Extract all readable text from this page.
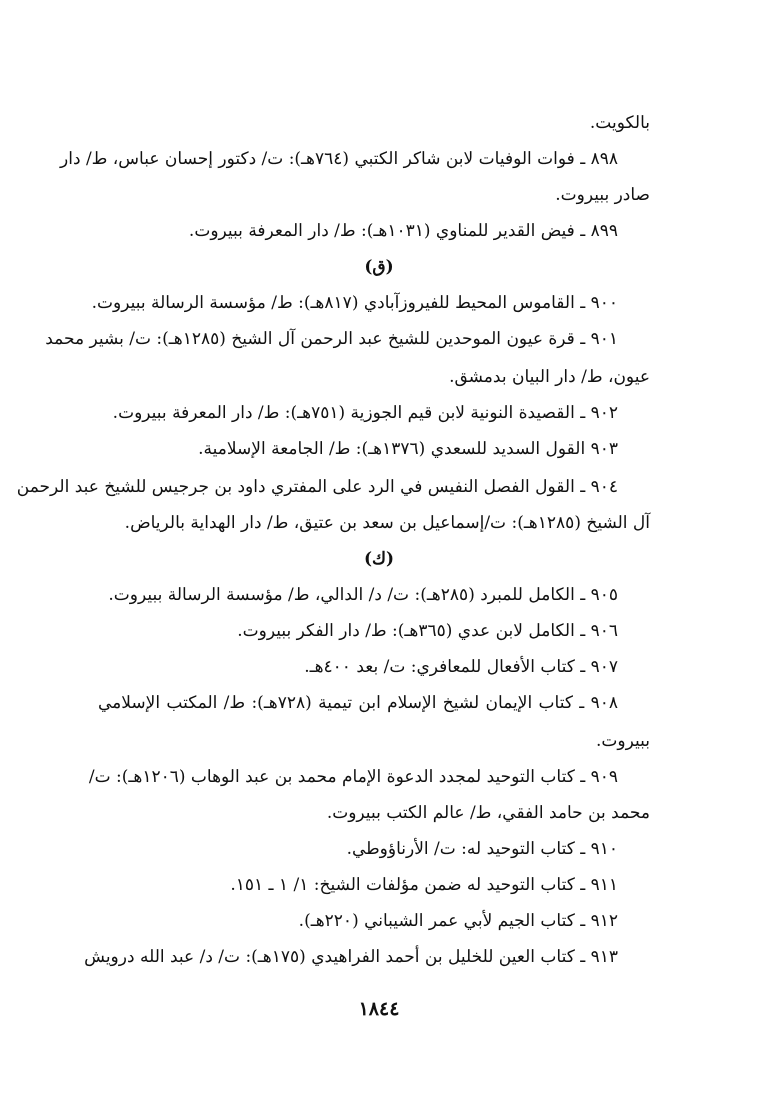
بالكويت.
٨٩٨ ـ فوات الوفيات لابن شاكر الكتبي (٧٦٤هـ): ت/ دكتور إحسان عباس، ط/ دار
صادر ببيروت.
٨٩٩ ـ فيض القدير للمناوي (١٠٣١هـ): ط/ دار المعرفة ببيروت.
(ق)
٩٠٠ ـ القاموس المحيط للفيروزآبادي (٨١٧هـ): ط/ مؤسسة الرسالة ببيروت.
٩٠١ ـ قرة عيون الموحدين للشيخ عبد الرحمن آل الشيخ (١٢٨٥هـ): ت/ بشير محمد
عيون، ط/ دار البيان بدمشق.
٩٠٢ ـ القصيدة النونية لابن قيم الجوزية (٧٥١هـ): ط/ دار المعرفة ببيروت.
٩٠٣ القول السديد للسعدي (١٣٧٦هـ): ط/ الجامعة الإسلامية.
٩٠٤ ـ القول الفصل النفيس في الرد على المفتري داود بن جرجيس للشيخ عبد الرحمن
آل الشيخ (١٢٨٥هـ): ت/إسماعيل بن سعد بن عتيق، ط/ دار الهداية بالرياض.
(ك)
٩٠٥ ـ الكامل للمبرد (٢٨٥هـ): ت/ د/ الدالي، ط/ مؤسسة الرسالة ببيروت.
٩٠٦ ـ الكامل لابن عدي (٣٦٥هـ): ط/ دار الفكر ببيروت.
٩٠٧ ـ كتاب الأفعال للمعافري: ت/ بعد ٤٠٠هـ.
٩٠٨ ـ كتاب الإيمان لشيخ الإسلام ابن تيمية (٧٢٨هـ): ط/ المكتب الإسلامي
ببيروت.
٩٠٩ ـ كتاب التوحيد لمجدد الدعوة الإمام محمد بن عبد الوهاب (١٢٠٦هـ): ت/
محمد بن حامد الفقي، ط/ عالم الكتب ببيروت.
٩١٠ ـ كتاب التوحيد له: ت/ الأرناؤوطي.
٩١١ ـ كتاب التوحيد له ضمن مؤلفات الشيخ: ١/ ١ ـ ١٥١.
٩١٢ ـ كتاب الجيم لأبي عمر الشيباني (٢٢٠هـ).
٩١٣ ـ كتاب العين للخليل بن أحمد الفراهيدي (١٧٥هـ): ت/ د/ عبد الله درويش
١٨٤٤
